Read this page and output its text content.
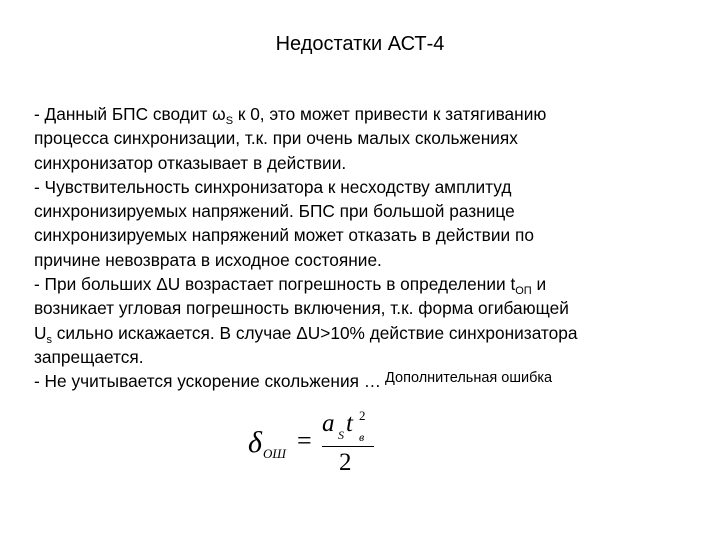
Недостатки АСТ-4
- Данный БПС сводит $\omega_S$ к 0, это может привести к затягиванию
процесса синхронизации, т.к. при очень малых скольжениях
синхронизатор отказывает в действии.
- Чувствительность синхронизатора к несходству амплитуд
синхронизируемых напряжений. БПС при большой разнице
синхронизируемых напряжений может отказать в действии по
причине невозврата в исходное состояние.
- При больших ΔU возрастает погрешность в определении $t_{ОП}$ и
возникает угловая погрешность включения, т.к. форма огибающей
$U_s$ сильно искажается. В случае ΔU>10% действие синхронизатора
запрещается.
- Не учитывается ускорение скольжения … $^{Дополнительная ошибка}$
δ ОШ =
a S t 2
в
2
